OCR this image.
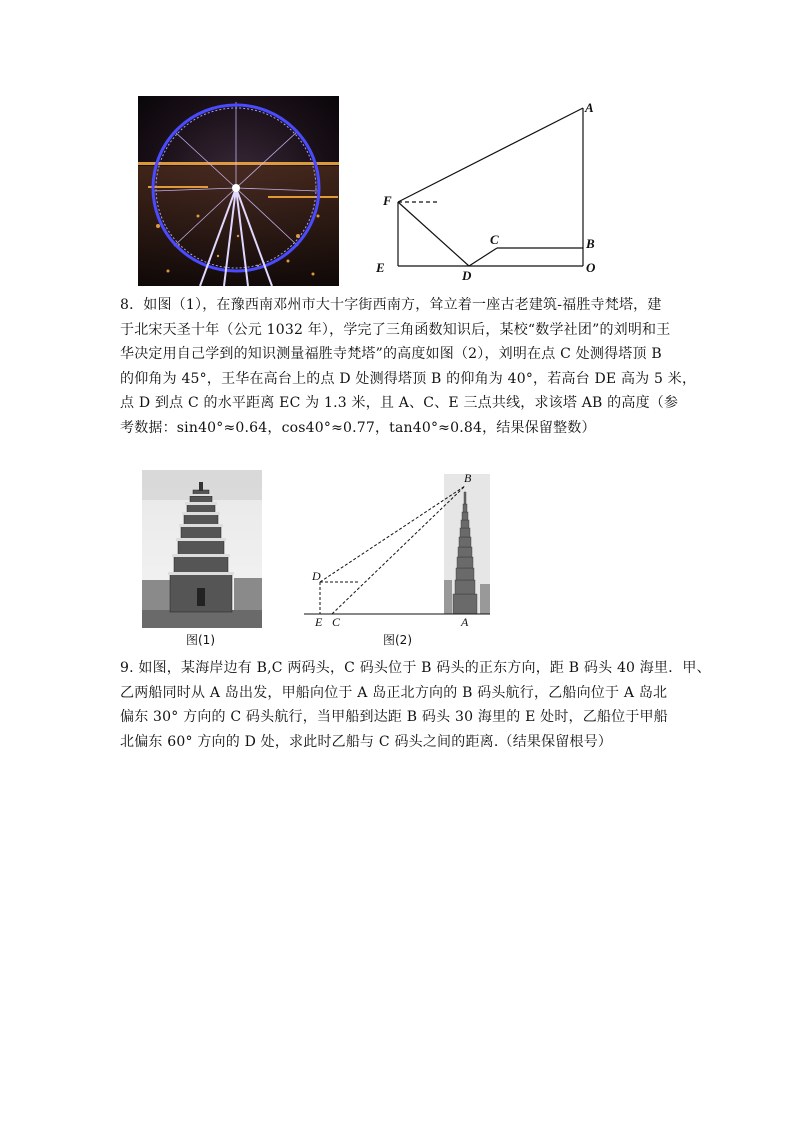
A
F
C	B
E
D
O
8．如图（1），在豫西南邓州市大十字街西南方，耸立着一座古老建筑-福胜寺梵塔，建
于北宋天圣十年（公元 1032 年），学完了三角函数知识后，某校“数学社团”的刘明和王
华决定用自己学到的知识测量福胜寺梵塔”的高度如图（2），刘明在点 C 处测得塔顶 B
的仰角为 45°，王华在高台上的点 D 处测得塔顶 B 的仰角为 40°，若高台 DE 高为 5 米，
点 D 到点 C 的水平距离 EC 为 1.3 米，且 A、C、E 三点共线，求该塔 AB 的高度（参
考数据：sin40°≈0.64，cos40°≈0.77，tan40°≈0.84，结果保留整数）
B
D
E C	A
图(1)	图(2)
9. 如图，某海岸边有 B,C 两码头，C 码头位于 B 码头的正东方向，距 B 码头 40 海里．甲、
乙两船同时从 A 岛出发，甲船向位于 A 岛正北方向的 B 码头航行，乙船向位于 A 岛北
偏东 30° 方向的 C 码头航行，当甲船到达距 B 码头 30 海里的 E 处时，乙船位于甲船
北偏东 60° 方向的 D 处，求此时乙船与 C 码头之间的距离.（结果保留根号）
